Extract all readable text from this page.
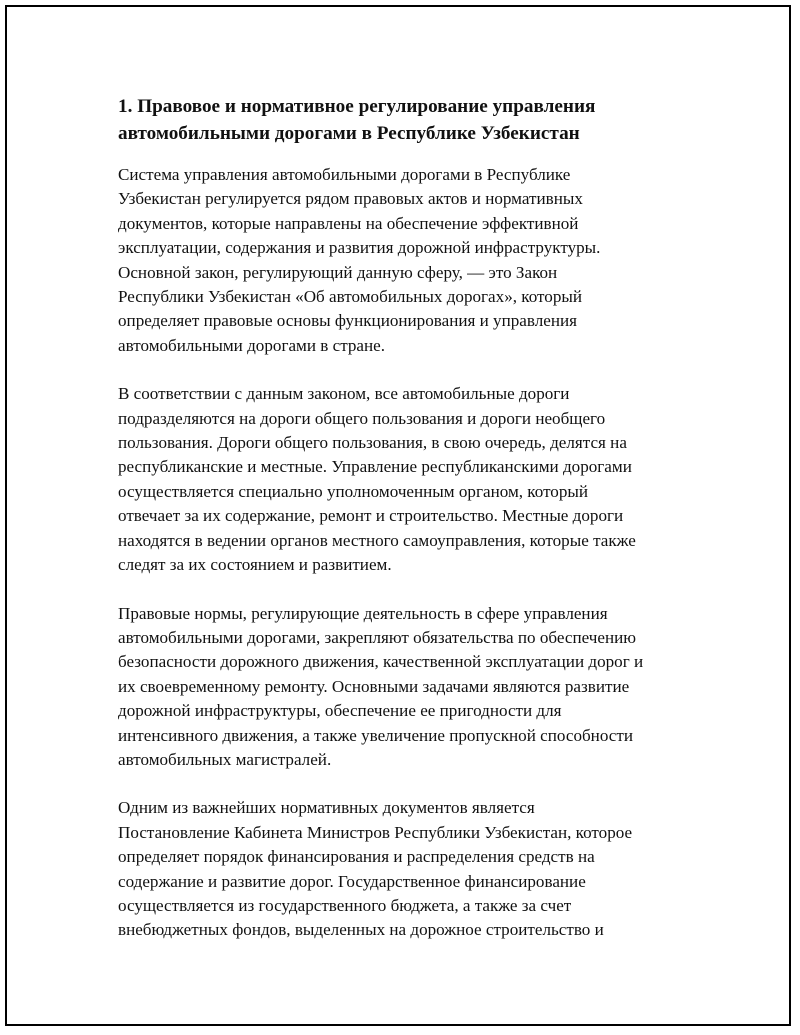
1. Правовое и нормативное регулирование управления
автомобильными дорогами в Республике Узбекистан

Система управления автомобильными дорогами в Республике
Узбекистан регулируется рядом правовых актов и нормативных
документов, которые направлены на обеспечение эффективной
эксплуатации, содержания и развития дорожной инфраструктуры.
Основной закон, регулирующий данную сферу, — это Закон
Республики Узбекистан «Об автомобильных дорогах», который
определяет правовые основы функционирования и управления
автомобильными дорогами в стране.

В соответствии с данным законом, все автомобильные дороги
подразделяются на дороги общего пользования и дороги необщего
пользования. Дороги общего пользования, в свою очередь, делятся на
республиканские и местные. Управление республиканскими дорогами
осуществляется специально уполномоченным органом, который
отвечает за их содержание, ремонт и строительство. Местные дороги
находятся в ведении органов местного самоуправления, которые также
следят за их состоянием и развитием.

Правовые нормы, регулирующие деятельность в сфере управления
автомобильными дорогами, закрепляют обязательства по обеспечению
безопасности дорожного движения, качественной эксплуатации дорог и
их своевременному ремонту. Основными задачами являются развитие
дорожной инфраструктуры, обеспечение ее пригодности для
интенсивного движения, а также увеличение пропускной способности
автомобильных магистралей.

Одним из важнейших нормативных документов является
Постановление Кабинета Министров Республики Узбекистан, которое
определяет порядок финансирования и распределения средств на
содержание и развитие дорог. Государственное финансирование
осуществляется из государственного бюджета, а также за счет
внебюджетных фондов, выделенных на дорожное строительство и
